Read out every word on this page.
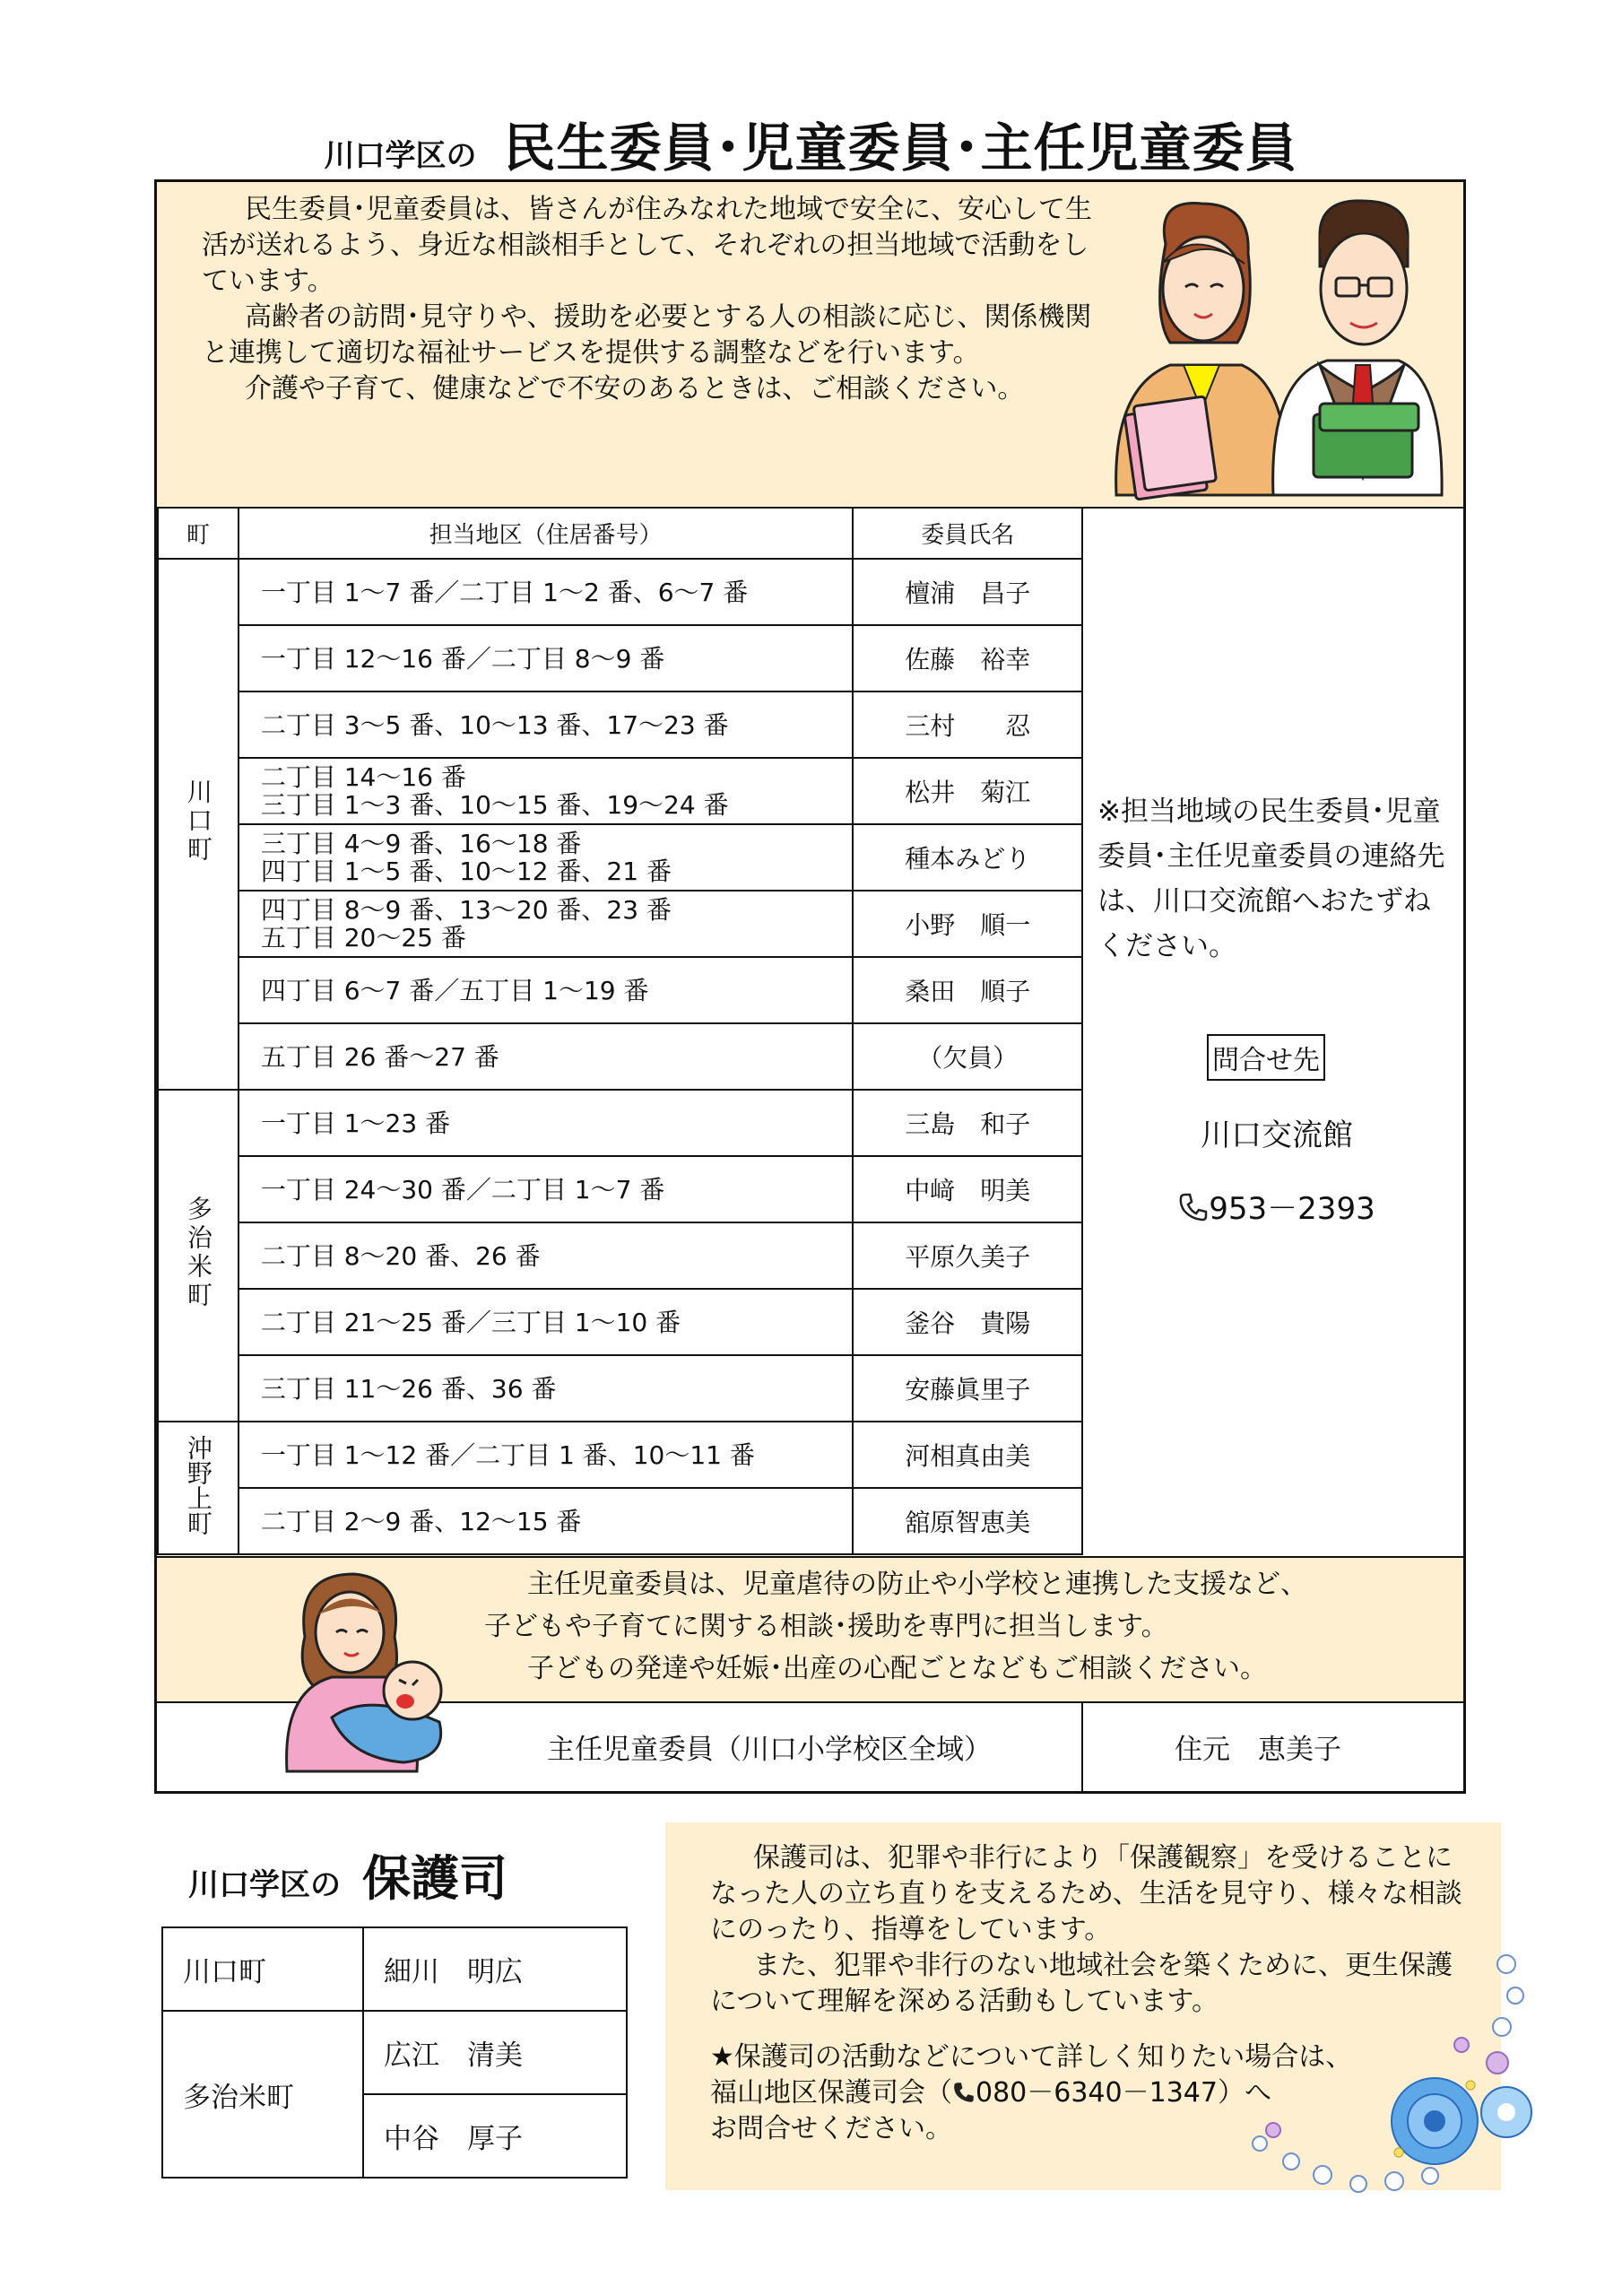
川口学区の 民生委員･児童委員･主任児童委員

民生委員･児童委員は、皆さんが住みなれた地域で安全に、安心して生活が送れるよう、身近な相談相手として、それぞれの担当地域で活動をしています。

高齢者の訪問･見守りや、援助を必要とする人の相談に応じ、関係機関と連携して適切な福祉サービスを提供する調整などを行います。

介護や子育て、健康などで不安のあるときは、ご相談ください。

町	担当地区（住居番号）	委員氏名
川口町	一丁目 1～7 番／二丁目 1～2 番、6～7 番	檀浦　昌子
	一丁目 12～16 番／二丁目 8～9 番	佐藤　裕幸
	二丁目 3～5 番、10～13 番、17～23 番	三村　　忍

	二丁目 14～16 番
三丁目 1～3 番、10～15 番、19～24 番	松井　菊江

	三丁目 4～9 番、16～18 番
四丁目 1～5 番、10～12 番、21 番	種本みどり

	四丁目 8～9 番、13～20 番、23 番
五丁目 20～25 番	小野　順一
	四丁目 6～7 番／五丁目 1～19 番	桑田　順子
	五丁目 26 番～27 番	（欠員）
多治米町	一丁目 1～23 番	三島　和子
	一丁目 24～30 番／二丁目 1～7 番	中﨑　明美
	二丁目 8～20 番、26 番	平原久美子
	二丁目 21～25 番／三丁目 1～10 番	釜谷　貴陽
	三丁目 11～26 番、36 番	安藤眞里子
沖野上町	一丁目 1～12 番／二丁目 1 番、10～11 番	河相真由美
	二丁目 2～9 番、12～15 番	舘原智恵美
※担当地域の民生委員･児童委員･主任児童委員の連絡先は、川口交流館へおたずねください。
問合せ先
川口交流館
953－2393

主任児童委員は、児童虐待の防止や小学校と連携した支援など、

子どもや子育てに関する相談･援助を専門に担当します。

子どもの発達や妊娠･出産の心配ごとなどもご相談ください。

主任児童委員（川口小学校区全域）	住元　恵美子
川口学区の 保護司
川口町	細川　明広
多治米町	広江　清美
	中谷　厚子

保護司は、犯罪や非行により「保護観察」を受けることになった人の立ち直りを支えるため、生活を見守り、様々な相談にのったり、指導をしています。

また、犯罪や非行のない地域社会を築くために、更生保護について理解を深める活動もしています。

★保護司の活動などについて詳しく知りたい場合は、

福山地区保護司会（ 080－6340－1347）へ

お問合せください。
